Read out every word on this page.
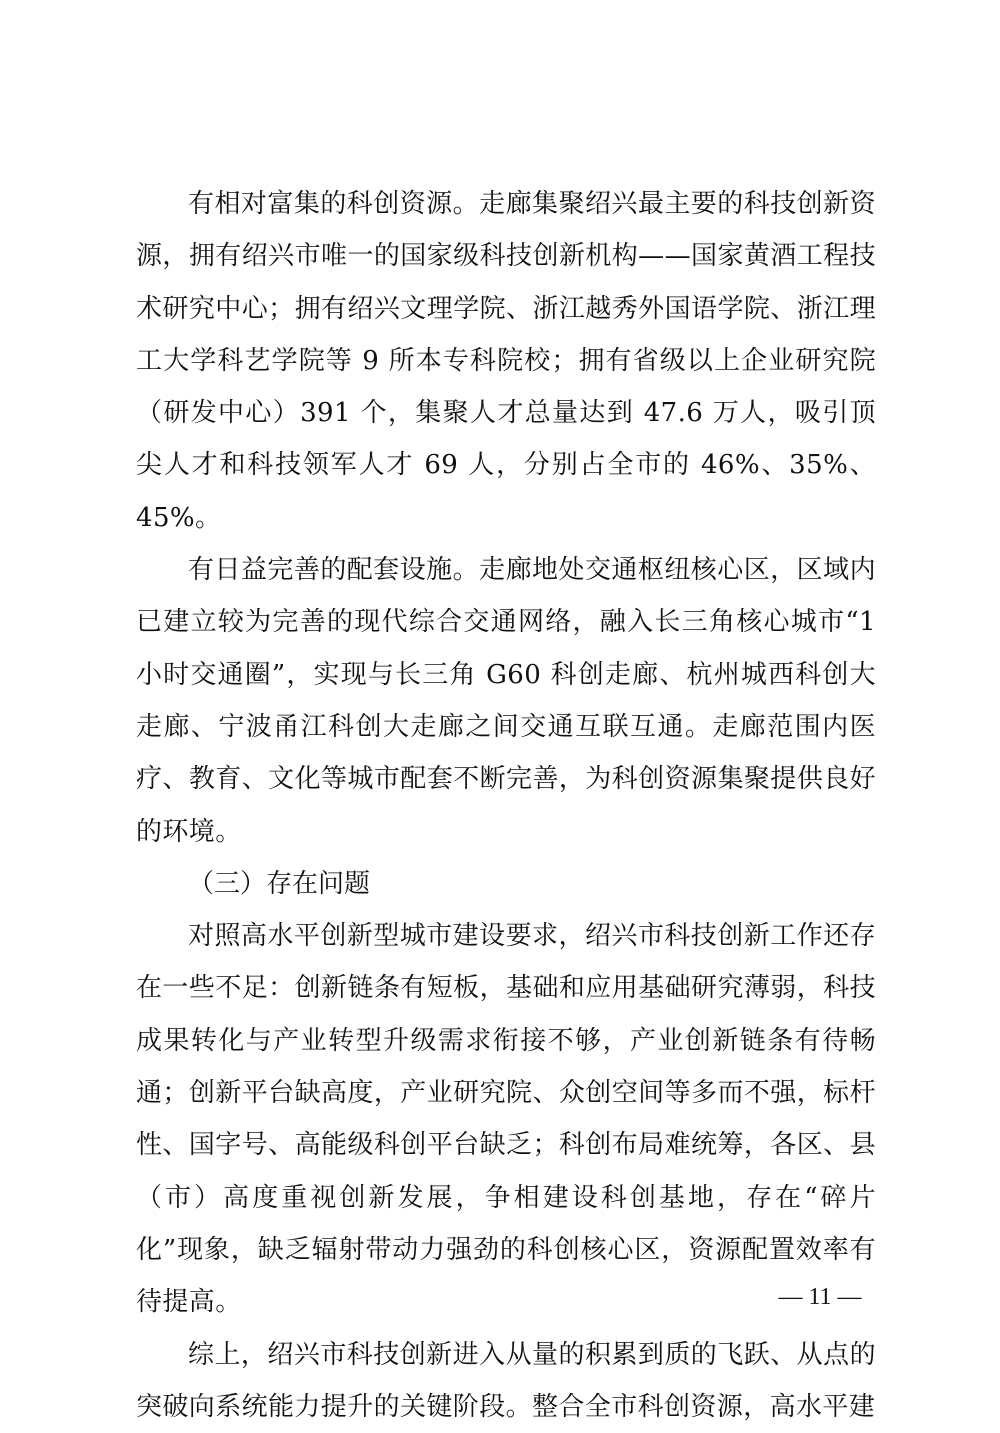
有相对富集的科创资源。走廊集聚绍兴最主要的科技创新资源，拥有绍兴市唯一的国家级科技创新机构——国家黄酒工程技术研究中心；拥有绍兴文理学院、浙江越秀外国语学院、浙江理工大学科艺学院等 9 所本专科院校；拥有省级以上企业研究院（研发中心）391 个，集聚人才总量达到 47.6 万人，吸引顶尖人才和科技领军人才 69 人，分别占全市的 46%、35%、45%。

有日益完善的配套设施。走廊地处交通枢纽核心区，区域内已建立较为完善的现代综合交通网络，融入长三角核心城市“1 小时交通圈”，实现与长三角 G60 科创走廊、杭州城西科创大走廊、宁波甬江科创大走廊之间交通互联互通。走廊范围内医疗、教育、文化等城市配套不断完善，为科创资源集聚提供良好的环境。

（三）存在问题

对照高水平创新型城市建设要求，绍兴市科技创新工作还存在一些不足：创新链条有短板，基础和应用基础研究薄弱，科技成果转化与产业转型升级需求衔接不够，产业创新链条有待畅通；创新平台缺高度，产业研究院、众创空间等多而不强，标杆性、国字号、高能级科创平台缺乏；科创布局难统筹，各区、县（市）高度重视创新发展，争相建设科创基地，存在“碎片化”现象，缺乏辐射带动力强劲的科创核心区，资源配置效率有待提高。

综上，绍兴市科技创新进入从量的积累到质的飞跃、从点的突破向系统能力提升的关键阶段。整合全市科创资源，高水平建

— 11 —
